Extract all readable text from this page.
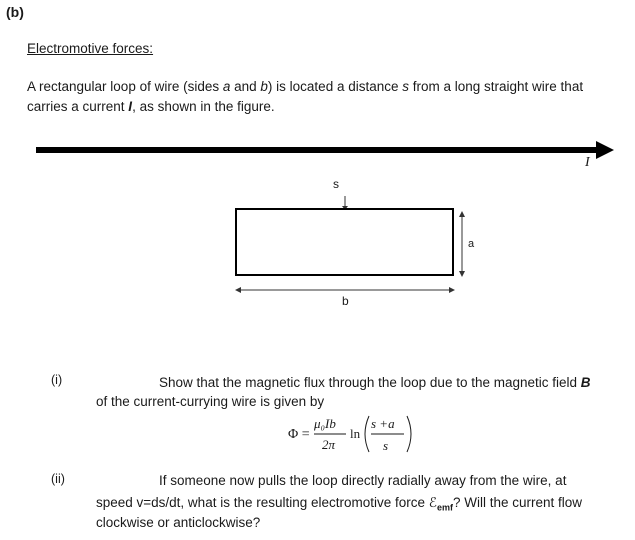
(b)
Electromotive forces:
A rectangular loop of wire (sides a and b) is located a distance s from a long straight wire that carries a current I, as shown in the figure.
I
s
a
b
(i)	Show that the magnetic flux through the loop due to the magnetic field B
of the current-currying wire is given by
Φ =
μ₀Ib
2π
ln
s +a
s
(ii)	If someone now pulls the loop directly radially away from the wire, at
speed v=ds/dt, what is the resulting electromotive force ℰ$_{emf}$? Will the current flow
clockwise or anticlockwise?
